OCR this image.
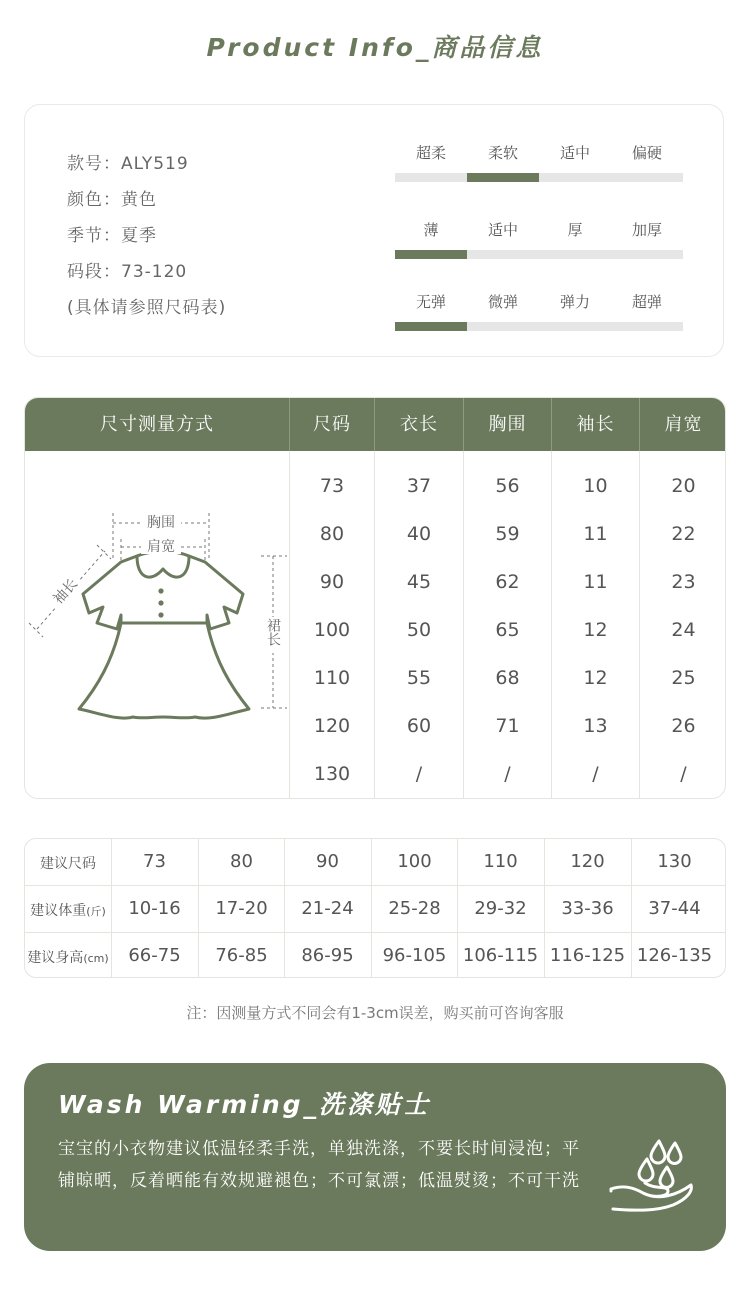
Product Info_商品信息
款号：ALY519
颜色：黄色
季节：夏季
码段：73-120
(具体请参照尺码表)
超柔	柔软	适中	偏硬
薄	适中	厚	加厚
无弹	微弹	弹力	超弹
尺寸测量方式	尺码	衣长	胸围	袖长	肩宽
73	37	56	10	20
80	40	59	11	22
90	45	62	11	23
100	50	65	12	24
110	55	68	12	25
120	60	71	13	26
130	/	/	/	/
胸围
肩宽
裙长
袖长
建议尺码	73	80	90	100	110	120	130
建议体重(斤)	10-16	17-20	21-24	25-28	29-32	33-36	37-44
建议身高(cm)	66-75	76-85	86-95	96-105 106-115 116-125 126-135
注：因测量方式不同会有1-3cm误差，购买前可咨询客服
Wash Warming_洗涤贴士
宝宝的小衣物建议低温轻柔手洗，单独洗涤，不要长时间浸泡；平铺晾晒，反着晒能有效规避褪色；不可氯漂；低温熨烫；不可干洗
